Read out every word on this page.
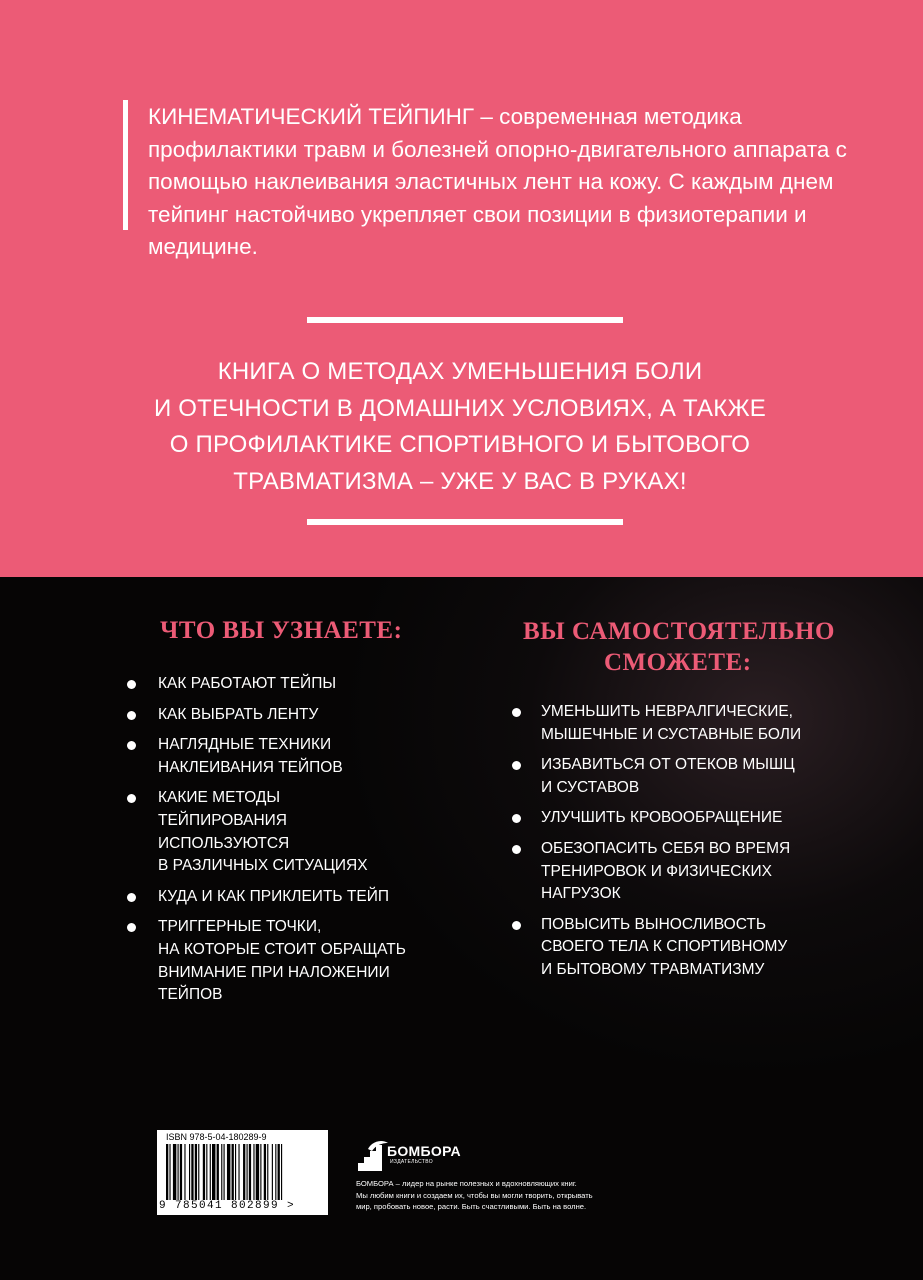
КИНЕМАТИЧЕСКИЙ ТЕЙПИНГ – современная методика профилактики травм и болезней опорно-двигательного аппарата с помощью наклеивания эластичных лент на кожу. С каждым днем тейпинг настойчиво укрепляет свои позиции в физиотерапии и медицине.

КНИГА О МЕТОДАХ УМЕНЬШЕНИЯ БОЛИ
И ОТЕЧНОСТИ В ДОМАШНИХ УСЛОВИЯХ, А ТАКЖЕ
О ПРОФИЛАКТИКЕ СПОРТИВНОГО И БЫТОВОГО
ТРАВМАТИЗМА – УЖЕ У ВАС В РУКАХ!

ЧТО ВЫ УЗНАЕТЕ:
КАК РАБОТАЮТ ТЕЙПЫ
КАК ВЫБРАТЬ ЛЕНТУ
НАГЛЯДНЫЕ ТЕХНИКИ
НАКЛЕИВАНИЯ ТЕЙПОВ
КАКИЕ МЕТОДЫ
ТЕЙПИРОВАНИЯ
ИСПОЛЬЗУЮТСЯ
В РАЗЛИЧНЫХ СИТУАЦИЯХ
КУДА И КАК ПРИКЛЕИТЬ ТЕЙП
ТРИГГЕРНЫЕ ТОЧКИ,
НА КОТОРЫЕ СТОИТ ОБРАЩАТЬ
ВНИМАНИЕ ПРИ НАЛОЖЕНИИ
ТЕЙПОВ
ВЫ САМОСТОЯТЕЛЬНО
СМОЖЕТЕ:
УМЕНЬШИТЬ НЕВРАЛГИЧЕСКИЕ,
МЫШЕЧНЫЕ И СУСТАВНЫЕ БОЛИ
ИЗБАВИТЬСЯ ОТ ОТЕКОВ МЫШЦ
И СУСТАВОВ
УЛУЧШИТЬ КРОВООБРАЩЕНИЕ
ОБЕЗОПАСИТЬ СЕБЯ ВО ВРЕМЯ
ТРЕНИРОВОК И ФИЗИЧЕСКИХ
НАГРУЗОК
ПОВЫСИТЬ ВЫНОСЛИВОСТЬ
СВОЕГО ТЕЛА К СПОРТИВНОМУ
И БЫТОВОМУ ТРАВМАТИЗМУ
ISBN 978-5-04-180289-9
9 785041 802899 >
БОМБОРА
ИЗДАТЕЛЬСТВО

БОМБОРА – лидер на рынке полезных и вдохновляющих книг.
Мы любим книги и создаем их, чтобы вы могли творить, открывать
мир, пробовать новое, расти. Быть счастливыми. Быть на волне.
